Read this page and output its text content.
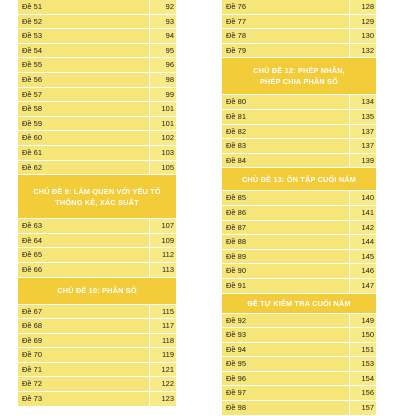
Đề 51	92
Đề 52	93
Đề 53	94
Đề 54	95
Đề 55	96
Đề 56	98
Đề 57	99
Đề 58	101
Đề 59	101
Đề 60	102
Đề 61	103
Đề 62	105
CHỦ ĐỀ 9: LÀM QUEN VỚI YẾU TỐ
THỐNG KÊ, XÁC SUẤT
Đề 63	107
Đề 64	109
Đề 65	112
Đề 66	113
CHỦ ĐỀ 10: PHÂN SỐ
Đề 67	115
Đề 68	117
Đề 69	118
Đề 70	119
Đề 71	121
Đề 72	122
Đề 73	123
Đề 76	128
Đề 77	129
Đề 78	130
Đề 79	132
CHỦ ĐỀ 12: PHÉP NHÂN,
PHÉP CHIA PHÂN SỐ
Đề 80	134
Đề 81	135
Đề 82	137
Đề 83	137
Đề 84	139
CHỦ ĐỀ 13: ÔN TẬP CUỐI NĂM
Đề 85	140
Đề 86	141
Đề 87	142
Đề 88	144
Đề 89	145
Đề 90	146
Đề 91	147
ĐỀ TỰ KIỂM TRA CUỐI NĂM
Đề 92	149
Đề 93	150
Đề 94	151
Đề 95	153
Đề 96	154
Đề 97	156
Đề 98	157
